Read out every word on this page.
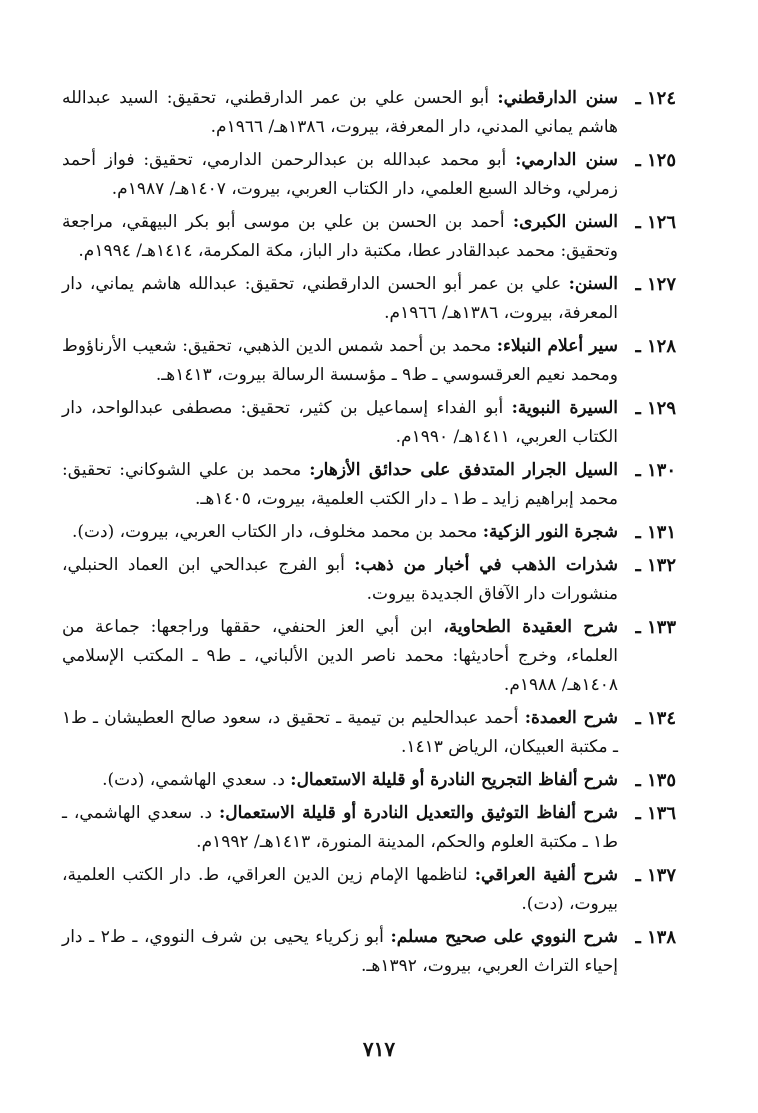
١٢٤ ـ
سنن الدارقطني: أبو الحسن علي بن عمر الدارقطني، تحقيق: السيد عبدالله هاشم يماني المدني، دار المعرفة، بيروت، ١٣٨٦هـ/ ١٩٦٦م.
١٢٥ ـ
سنن الدارمي: أبو محمد عبدالله بن عبدالرحمن الدارمي، تحقيق: فواز أحمد زمرلي، وخالد السبع العلمي، دار الكتاب العربي، بيروت، ١٤٠٧هـ/ ١٩٨٧م.
١٢٦ ـ
السنن الكبرى: أحمد بن الحسن بن علي بن موسى أبو بكر البيهقي، مراجعة وتحقيق: محمد عبدالقادر عطا، مكتبة دار الباز، مكة المكرمة، ١٤١٤هـ/ ١٩٩٤م.
١٢٧ ـ
السنن: علي بن عمر أبو الحسن الدارقطني، تحقيق: عبدالله هاشم يماني، دار المعرفة، بيروت، ١٣٨٦هـ/ ١٩٦٦م.
١٢٨ ـ
سير أعلام النبلاء: محمد بن أحمد شمس الدين الذهبي، تحقيق: شعيب الأرناؤوط ومحمد نعيم العرقسوسي ـ ط٩ ـ مؤسسة الرسالة بيروت، ١٤١٣هـ.
١٢٩ ـ
السيرة النبوية: أبو الفداء إسماعيل بن كثير، تحقيق: مصطفى عبدالواحد، دار الكتاب العربي، ١٤١١هـ/ ١٩٩٠م.
١٣٠ ـ
السيل الجرار المتدفق على حدائق الأزهار: محمد بن علي الشوكاني: تحقيق: محمد إبراهيم زايد ـ ط١ ـ دار الكتب العلمية، بيروت، ١٤٠٥هـ.
١٣١ ـ
شجرة النور الزكية: محمد بن محمد مخلوف، دار الكتاب العربي، بيروت، (دت).
١٣٢ ـ
شذرات الذهب في أخبار من ذهب: أبو الفرج عبدالحي ابن العماد الحنبلي، منشورات دار الآفاق الجديدة بيروت.
١٣٣ ـ
شرح العقيدة الطحاوية، ابن أبي العز الحنفي، حققها وراجعها: جماعة من العلماء، وخرج أحاديثها: محمد ناصر الدين الألباني، ـ ط٩ ـ المكتب الإسلامي ١٤٠٨هـ/ ١٩٨٨م.
١٣٤ ـ
شرح العمدة: أحمد عبدالحليم بن تيمية ـ تحقيق د، سعود صالح العطيشان ـ ط١ ـ مكتبة العبيكان، الرياض ١٤١٣.
١٣٥ ـ
شرح ألفاظ التجريح النادرة أو قليلة الاستعمال: د. سعدي الهاشمي، (دت).
١٣٦ ـ
شرح ألفاظ التوثيق والتعديل النادرة أو قليلة الاستعمال: د. سعدي الهاشمي، ـ ط١ ـ مكتبة العلوم والحكم، المدينة المنورة، ١٤١٣هـ/ ١٩٩٢م.
١٣٧ ـ
شرح ألفية العراقي: لناظمها الإمام زين الدين العراقي، ط. دار الكتب العلمية، بيروت، (دت).
١٣٨ ـ
شرح النووي على صحيح مسلم: أبو زكرياء يحيى بن شرف النووي، ـ ط٢ ـ دار إحياء التراث العربي، بيروت، ١٣٩٢هـ.
٧١٧
